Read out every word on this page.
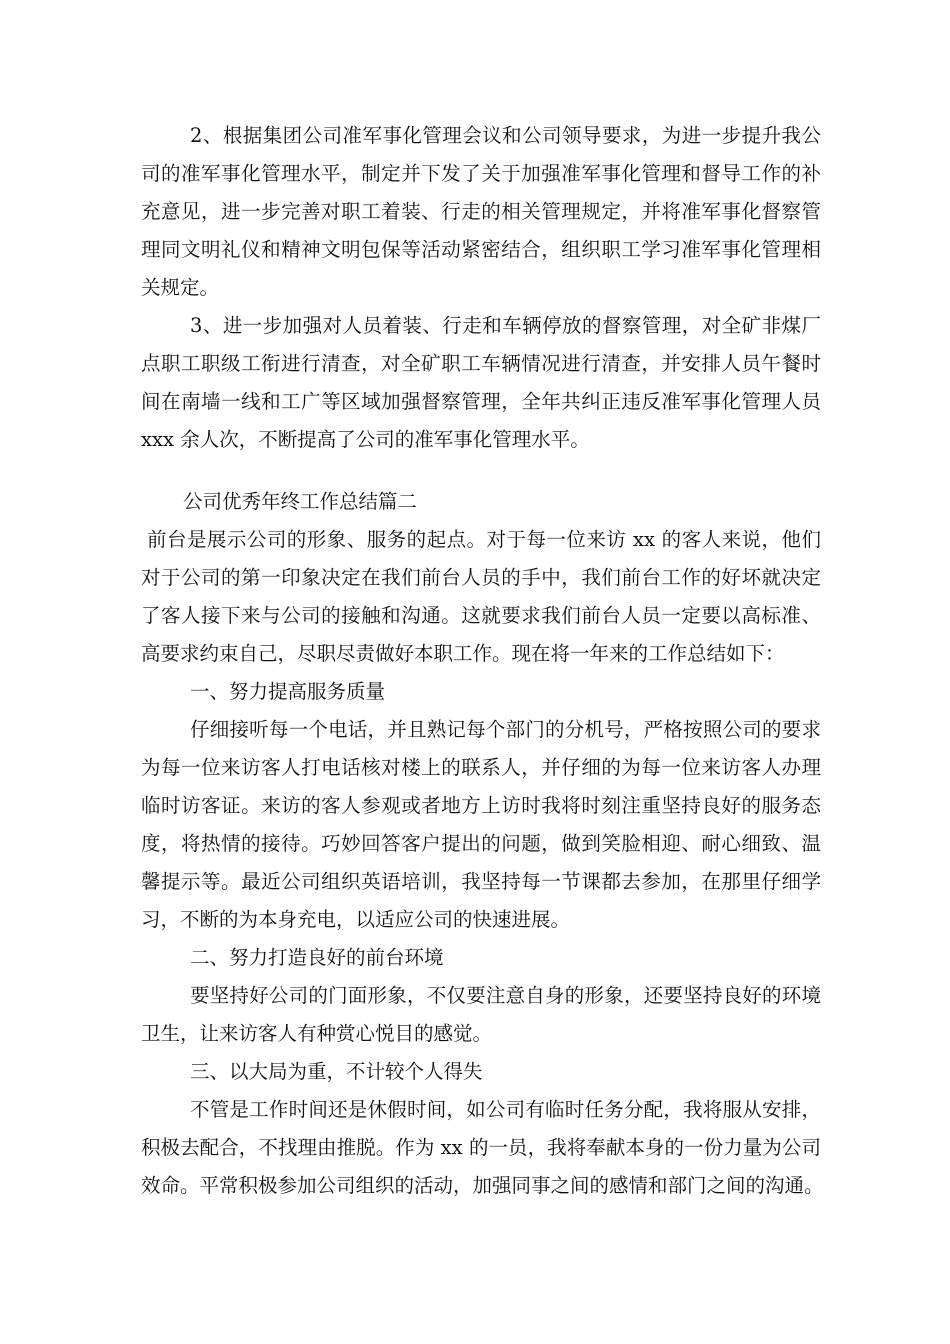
2、根据集团公司准军事化管理会议和公司领导要求，为进一步提升我公
司的准军事化管理水平，制定并下发了关于加强准军事化管理和督导工作的补
充意见，进一步完善对职工着装、行走的相关管理规定，并将准军事化督察管
理同文明礼仪和精神文明包保等活动紧密结合，组织职工学习准军事化管理相
关规定。
3、进一步加强对人员着装、行走和车辆停放的督察管理，对全矿非煤厂
点职工职级工衔进行清查，对全矿职工车辆情况进行清查，并安排人员午餐时
间在南墙一线和工广等区域加强督察管理，全年共纠正违反准军事化管理人员
xxx 余人次，不断提高了公司的准军事化管理水平。
公司优秀年终工作总结篇二
前台是展示公司的形象、服务的起点。对于每一位来访 xx 的客人来说，他们
对于公司的第一印象决定在我们前台人员的手中，我们前台工作的好坏就决定
了客人接下来与公司的接触和沟通。这就要求我们前台人员一定要以高标准、
高要求约束自己，尽职尽责做好本职工作。现在将一年来的工作总结如下：
一、努力提高服务质量
仔细接听每一个电话，并且熟记每个部门的分机号，严格按照公司的要求
为每一位来访客人打电话核对楼上的联系人，并仔细的为每一位来访客人办理
临时访客证。来访的客人参观或者地方上访时我将时刻注重坚持良好的服务态
度，将热情的接待。巧妙回答客户提出的问题，做到笑脸相迎、耐心细致、温
馨提示等。最近公司组织英语培训，我坚持每一节课都去参加，在那里仔细学
习，不断的为本身充电，以适应公司的快速进展。
二、努力打造良好的前台环境
要坚持好公司的门面形象，不仅要注意自身的形象，还要坚持良好的环境
卫生，让来访客人有种赏心悦目的感觉。
三、以大局为重，不计较个人得失
不管是工作时间还是休假时间，如公司有临时任务分配，我将服从安排，
积极去配合，不找理由推脱。作为 xx 的一员，我将奉献本身的一份力量为公司
效命。平常积极参加公司组织的活动，加强同事之间的感情和部门之间的沟通。
